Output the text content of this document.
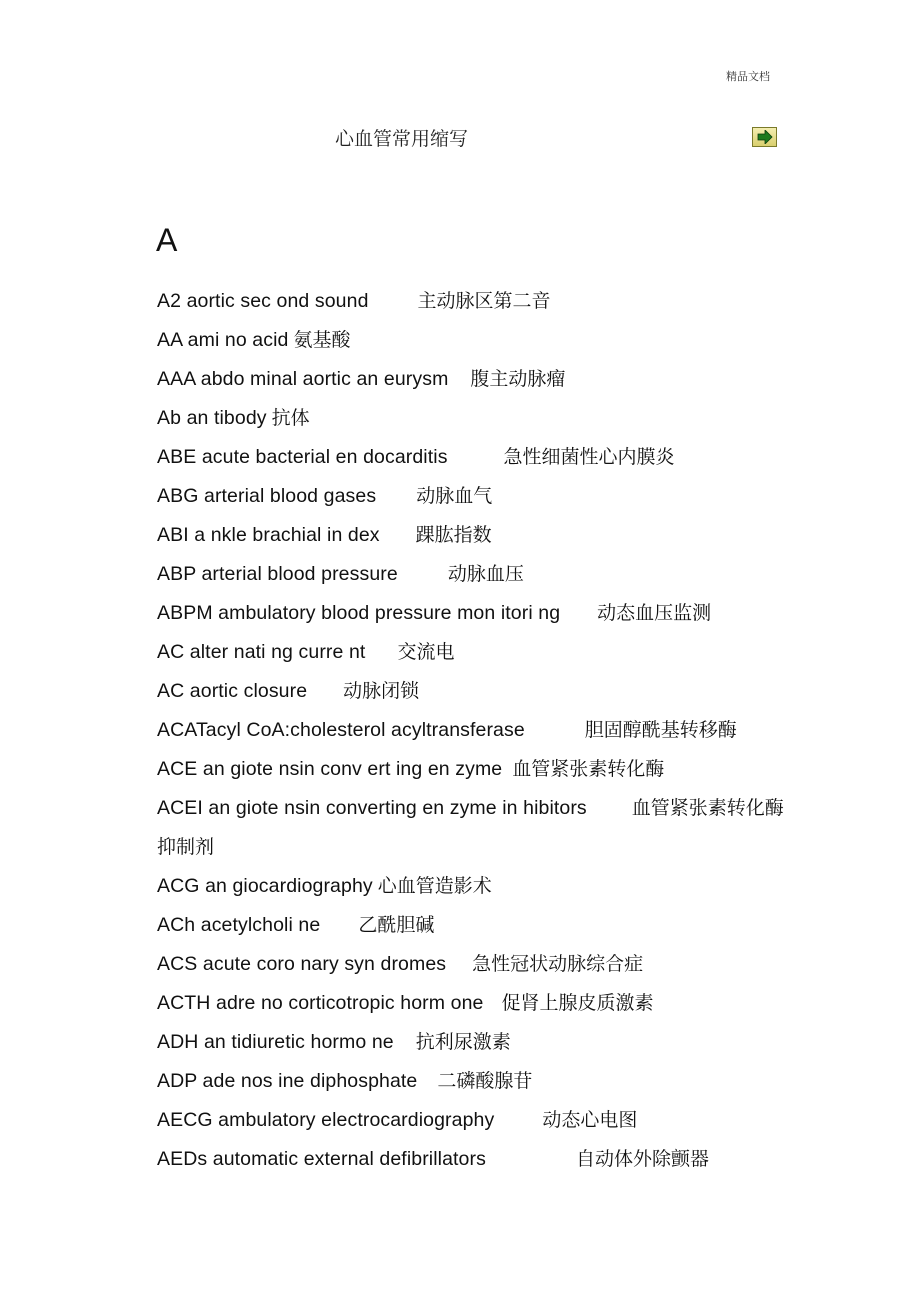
精品文档
心血管常用缩写
A
A2 aortic sec ond sound	主动脉区第二音
AA ami no acid 氨基酸
AAA abdo minal aortic an eurysm 腹主动脉瘤
Ab an tibody 抗体
ABE acute bacterial en docarditis	急性细菌性心内膜炎
ABG arterial blood gases 动脉血气
ABI a nkle brachial in dex 踝肱指数
ABP arterial blood pressure	动脉血压
ABPM ambulatory blood pressure mon itori ng 动态血压监测
AC alter nati ng curre nt 交流电
AC aortic closure 动脉闭锁
ACATacyl CoA:cholesterol acyltransferase	胆固醇酰基转移酶
ACE an giote nsin conv ert ing en zyme 血管紧张素转化酶
ACEI an giote nsin converting en zyme in hibitors 血管紧张素转化酶抑制剂
ACG an giocardiography 心血管造影术
ACh acetylcholi ne 乙酰胆碱
ACS acute coro nary syn dromes 急性冠状动脉综合症
ACTH adre no corticotropic horm one 促肾上腺皮质激素
ADH an tidiuretic hormo ne 抗利尿激素
ADP ade nos ine diphosphate 二磷酸腺苷
AECG ambulatory electrocardiography	动态心电图
AEDs automatic external defibrillators	自动体外除颤器
